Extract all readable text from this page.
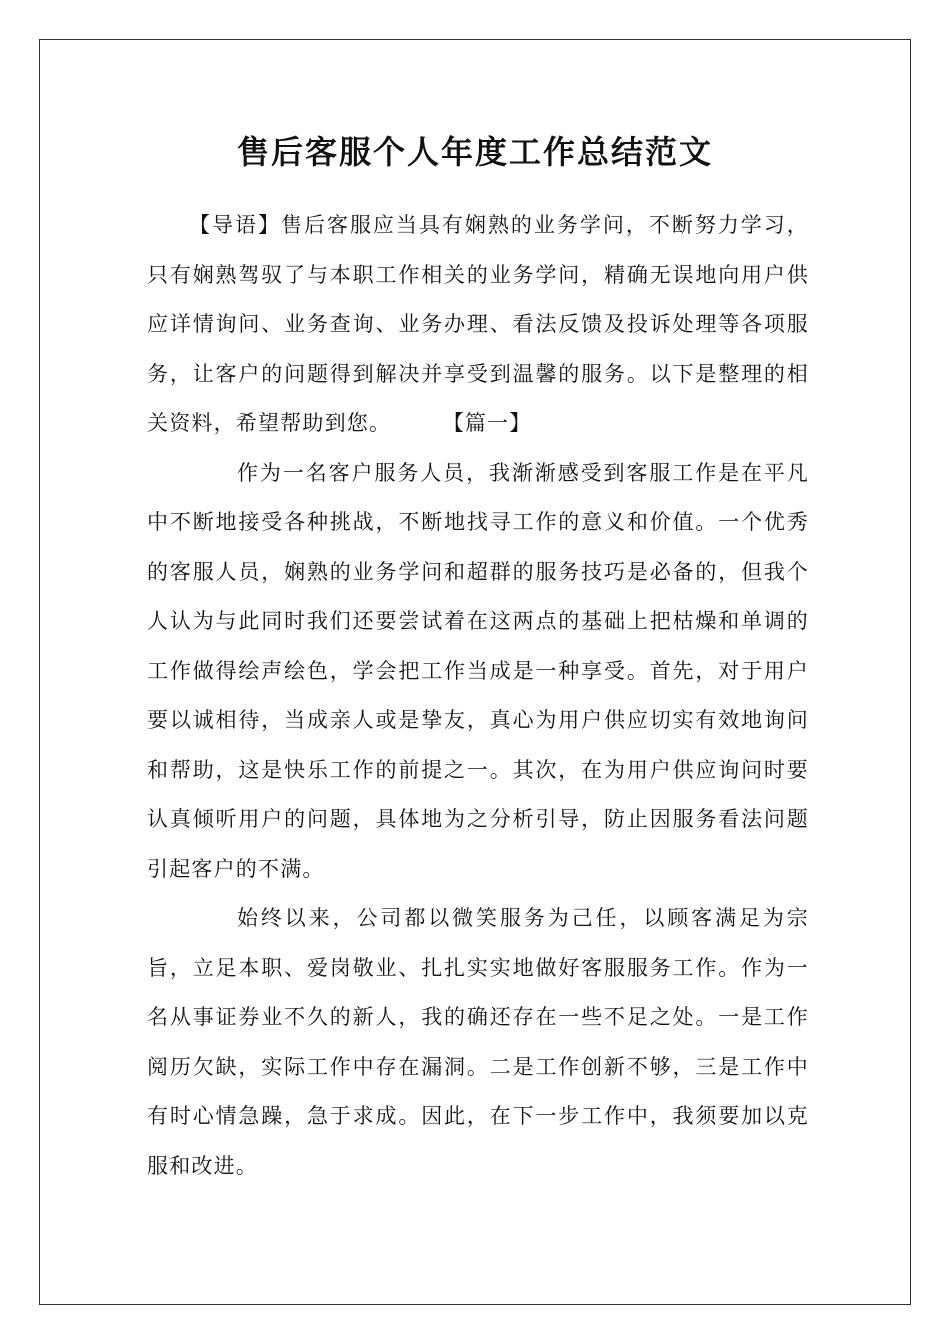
售后客服个人年度工作总结范文

【导语】售后客服应当具有娴熟的业务学问，不断努力学习，只有娴熟驾驭了与本职工作相关的业务学问，精确无误地向用户供应详情询问、业务查询、业务办理、看法反馈及投诉处理等各项服务，让客户的问题得到解决并享受到温馨的服务。以下是整理的相关资料，希望帮助到您。	【篇一】

作为一名客户服务人员，我渐渐感受到客服工作是在平凡中不断地接受各种挑战，不断地找寻工作的意义和价值。一个优秀的客服人员，娴熟的业务学问和超群的服务技巧是必备的，但我个人认为与此同时我们还要尝试着在这两点的基础上把枯燥和单调的工作做得绘声绘色，学会把工作当成是一种享受。首先，对于用户要以诚相待，当成亲人或是挚友，真心为用户供应切实有效地询问和帮助，这是快乐工作的前提之一。其次，在为用户供应询问时要认真倾听用户的问题，具体地为之分析引导，防止因服务看法问题引起客户的不满。

始终以来，公司都以微笑服务为己任，以顾客满足为宗旨，立足本职、爱岗敬业、扎扎实实地做好客服服务工作。作为一名从事证券业不久的新人，我的确还存在一些不足之处。一是工作阅历欠缺，实际工作中存在漏洞。二是工作创新不够，三是工作中有时心情急躁，急于求成。因此，在下一步工作中，我须要加以克服和改进。
